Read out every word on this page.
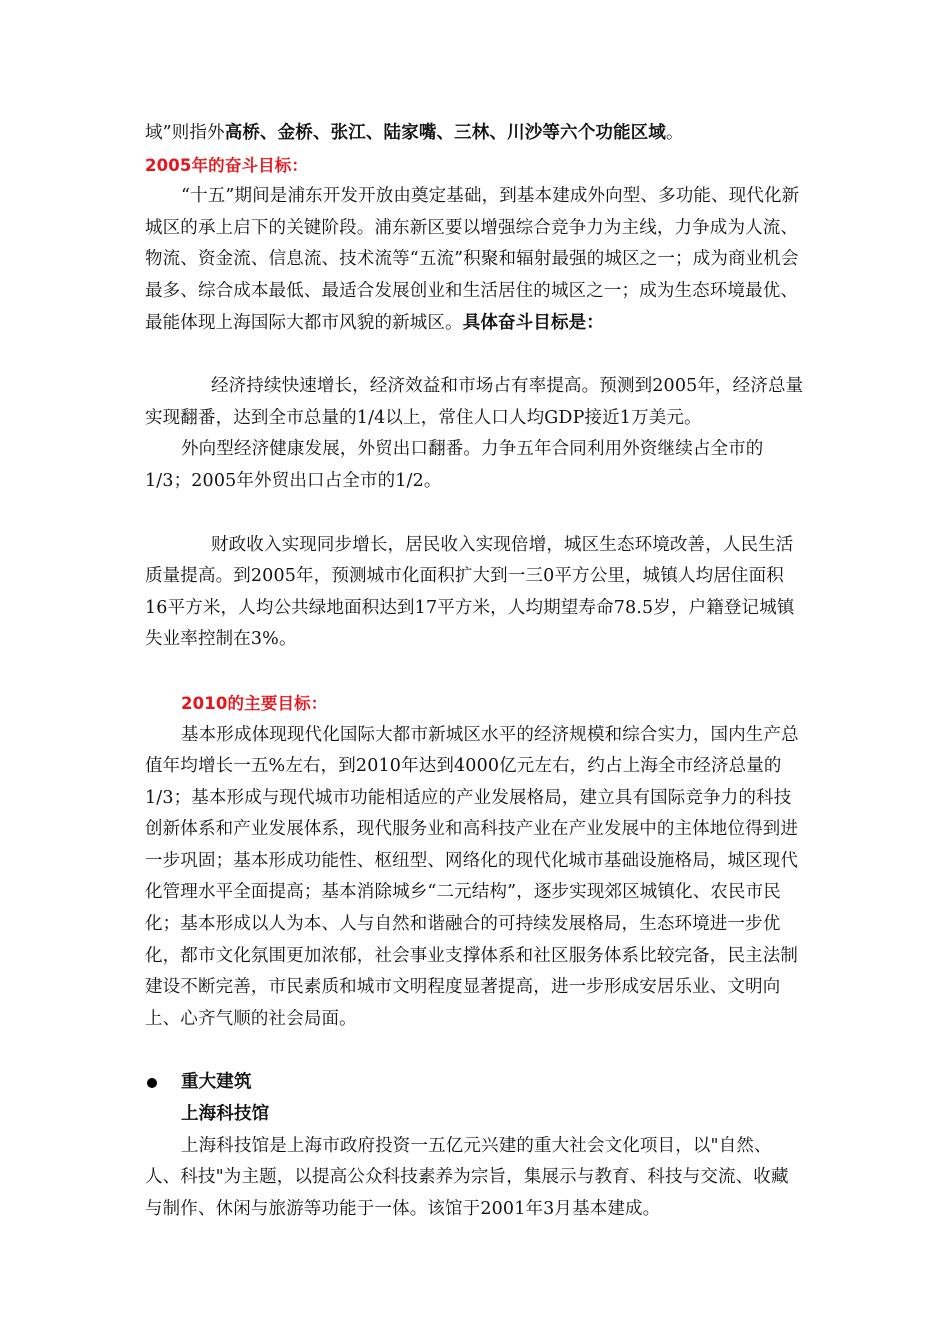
域”则指外高桥、金桥、张江、陆家嘴、三林、川沙等六个功能区域。

2005年的奋斗目标：

“十五”期间是浦东开发开放由奠定基础，到基本建成外向型、多功能、现代化新城区的承上启下的关键阶段。浦东新区要以增强综合竞争力为主线，力争成为人流、物流、资金流、信息流、技术流等“五流”积聚和辐射最强的城区之一；成为商业机会最多、综合成本最低、最适合发展创业和生活居住的城区之一；成为生态环境最优、最能体现上海国际大都市风貌的新城区。具体奋斗目标是：

经济持续快速增长，经济效益和市场占有率提高。预测到2005年，经济总量实现翻番，达到全市总量的1/4以上，常住人口人均GDP接近1万美元。

外向型经济健康发展，外贸出口翻番。力争五年合同利用外资继续占全市的1/3；2005年外贸出口占全市的1/2。

财政收入实现同步增长，居民收入实现倍增，城区生态环境改善，人民生活质量提高。到2005年，预测城市化面积扩大到一三0平方公里，城镇人均居住面积16平方米，人均公共绿地面积达到17平方米，人均期望寿命78.5岁，户籍登记城镇失业率控制在3%。

2010的主要目标：

基本形成体现现代化国际大都市新城区水平的经济规模和综合实力，国内生产总值年均增长一五%左右，到2010年达到4000亿元左右，约占上海全市经济总量的1/3；基本形成与现代城市功能相适应的产业发展格局，建立具有国际竞争力的科技创新体系和产业发展体系，现代服务业和高科技产业在产业发展中的主体地位得到进一步巩固；基本形成功能性、枢纽型、网络化的现代化城市基础设施格局，城区现代化管理水平全面提高；基本消除城乡“二元结构”，逐步实现郊区城镇化、农民市民化；基本形成以人为本、人与自然和谐融合的可持续发展格局，生态环境进一步优化，都市文化氛围更加浓郁，社会事业支撑体系和社区服务体系比较完备，民主法制建设不断完善，市民素质和城市文明程度显著提高，进一步形成安居乐业、文明向上、心齐气顺的社会局面。

重大建筑

上海科技馆

上海科技馆是上海市政府投资一五亿元兴建的重大社会文化项目，以"自然、人、科技"为主题，以提高公众科技素养为宗旨，集展示与教育、科技与交流、收藏与制作、休闲与旅游等功能于一体。该馆于2001年3月基本建成。
